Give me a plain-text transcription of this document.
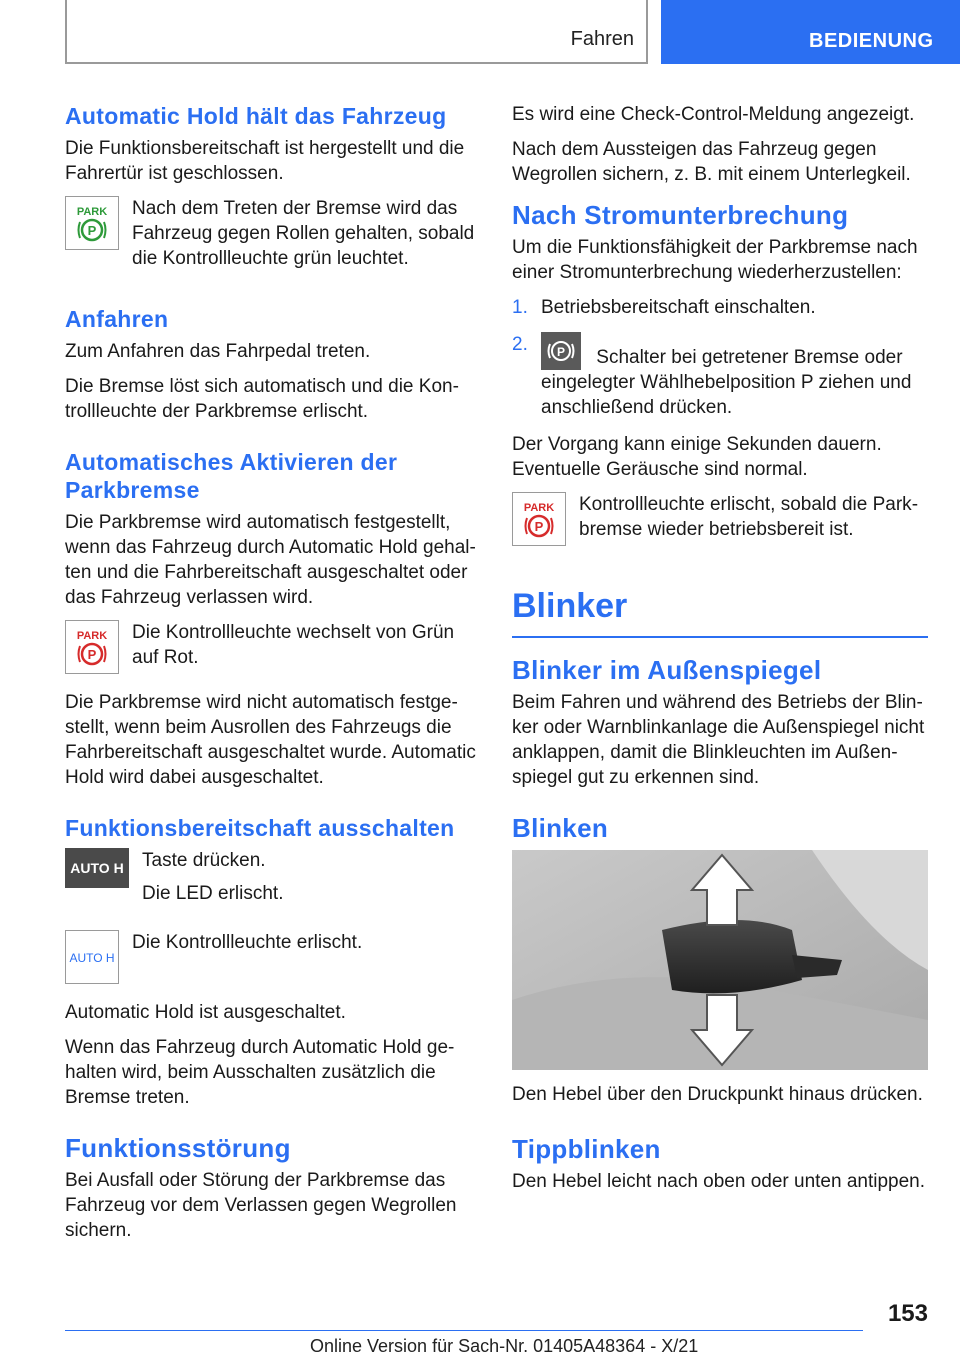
Fahren	BEDIENUNG
Automatic Hold hält das Fahrzeug

Die Funktionsbereitschaft ist hergestellt und die Fahrertür ist geschlossen.

PARK
P
Nach dem Treten der Bremse wird das Fahrzeug gegen Rollen gehalten, sobald die Kontrollleuchte grün leuchtet.
Anfahren

Zum Anfahren das Fahrpedal treten.

Die Bremse löst sich automatisch und die Kontrollleuchte der Parkbremse erlischt.

Automatisches Aktivieren der Parkbremse

Die Parkbremse wird automatisch festgestellt, wenn das Fahrzeug durch Automatic Hold gehalten und die Fahrbereitschaft ausgeschaltet oder das Fahrzeug verlassen wird.

PARK
P
Die Kontrollleuchte wechselt von Grün auf Rot.

Die Parkbremse wird nicht automatisch festgestellt, wenn beim Ausrollen des Fahrzeugs die Fahrbereitschaft ausgeschaltet wurde. Automatic Hold wird dabei ausgeschaltet.

Funktionsbereitschaft ausschalten
AUTO H Taste drücken.

Die LED erlischt.

AUTO H
Die Kontrollleuchte erlischt.

Automatic Hold ist ausgeschaltet.

Wenn das Fahrzeug durch Automatic Hold gehalten wird, beim Ausschalten zusätzlich die Bremse treten.

Funktionsstörung

Bei Ausfall oder Störung der Parkbremse das Fahrzeug vor dem Verlassen gegen Wegrollen sichern.

Es wird eine Check-Control-Meldung angezeigt.

Nach dem Aussteigen das Fahrzeug gegen Wegrollen sichern, z. B. mit einem Unterlegkeil.

Nach Stromunterbrechung

Um die Funktionsfähigkeit der Parkbremse nach einer Stromunterbrechung wiederherzustellen:

1. Betriebsbereitschaft einschalten.
2.	P Schalter bei getretener Bremse oder eingelegter Wählhebelposition P ziehen und anschließend drücken.

Der Vorgang kann einige Sekunden dauern. Eventuelle Geräusche sind normal.

PARK
P
Kontrollleuchte erlischt, sobald die Parkbremse wieder betriebsbereit ist.
Blinker
Blinker im Außenspiegel

Beim Fahren und während des Betriebs der Blinker oder Warnblinkanlage die Außenspiegel nicht anklappen, damit die Blinkleuchten im Außenspiegel gut zu erkennen sind.

Blinken

Den Hebel über den Druckpunkt hinaus drücken.

Tippblinken

Den Hebel leicht nach oben oder unten antippen.

153
Online Version für Sach-Nr. 01405A48364 - X/21
